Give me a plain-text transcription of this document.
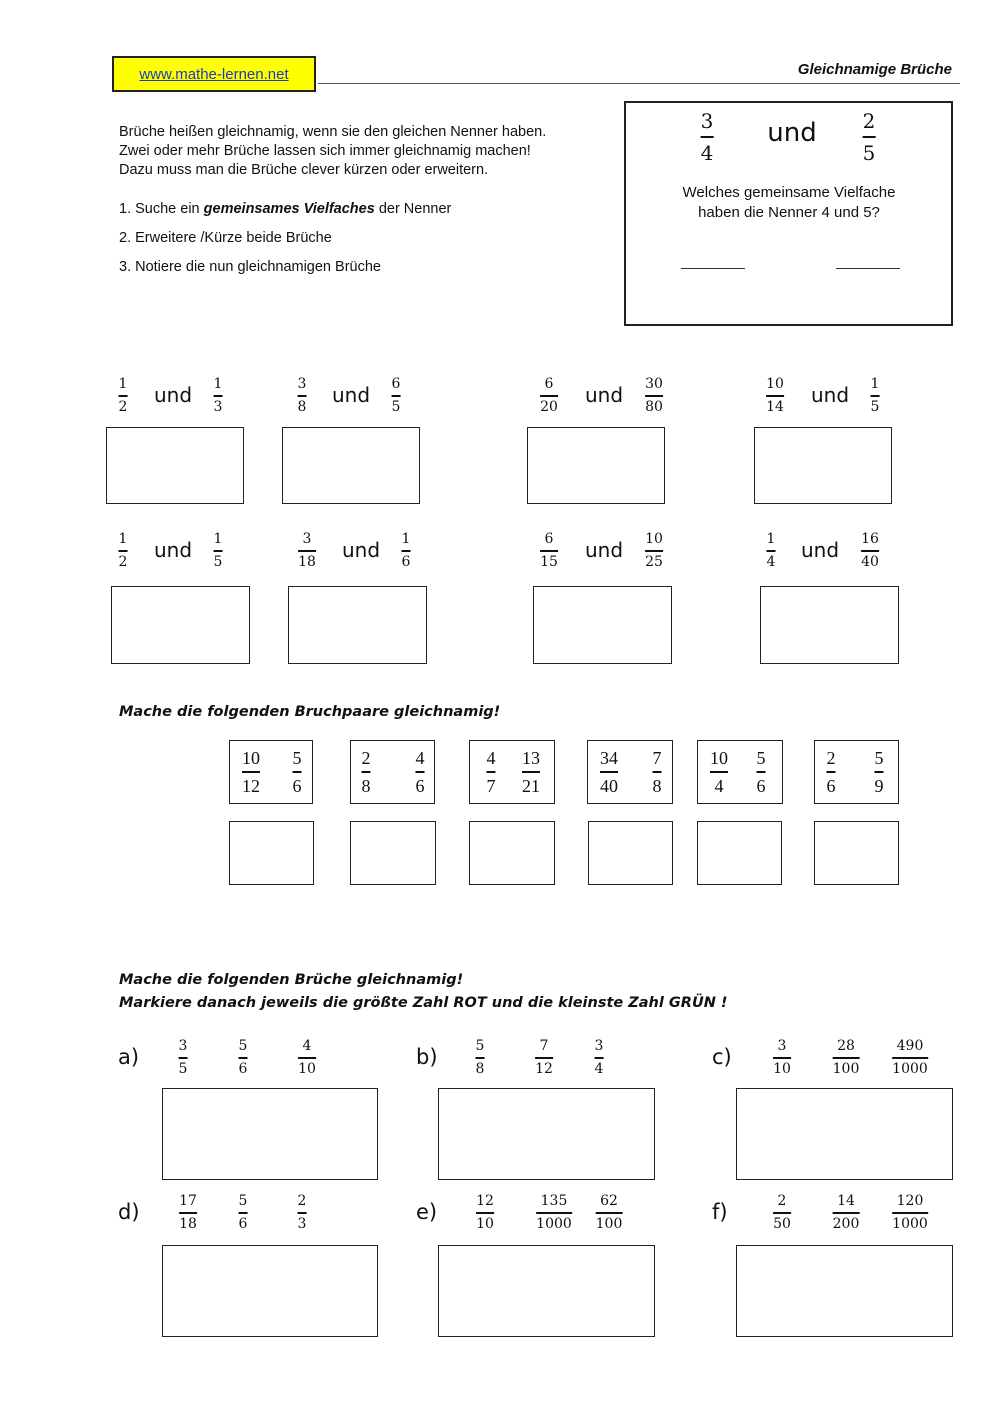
www.mathe-lernen.net	Gleichnamige Brüche
Brüche heißen gleichnamig, wenn sie den gleichen Nenner haben.
Zwei oder mehr Brüche lassen sich immer gleichnamig machen!
Dazu muss man die Brüche clever kürzen oder erweitern.
1. Suche ein gemeinsames Vielfaches der Nenner
2. Erweitere /Kürze beide Brüche
3. Notiere die nun gleichnamigen Brüche
3
4
und 2
5
Welches gemeinsame Vielfache
haben die Nenner 4 und 5?
1
2 und 1
3
3
8 und 6
5
6
20 und 30
80
10
14 und 1
5
1
2 und 1
5
3
18 und 1
6
6
15 und 10
25
1
4 und 16
40
Mache die folgenden Bruchpaare gleichnamig!
10
12
5
6
2
8
4
6
4
7
13
21
34
40
7
8
10
4
5
6
2
6
5
9
Mache die folgenden Brüche gleichnamig!
Markiere danach jeweils die größte Zahl ROT und die kleinste Zahl GRÜN !
a)	3
5
5
6
4
10	b)	5
8
7
12
3
4	c)	3
10
28
100
490
1000
d)	17
18
5
6
2
3	e)	12
10
135
1000
62
100	f)	2
50
14
200
120
1000
